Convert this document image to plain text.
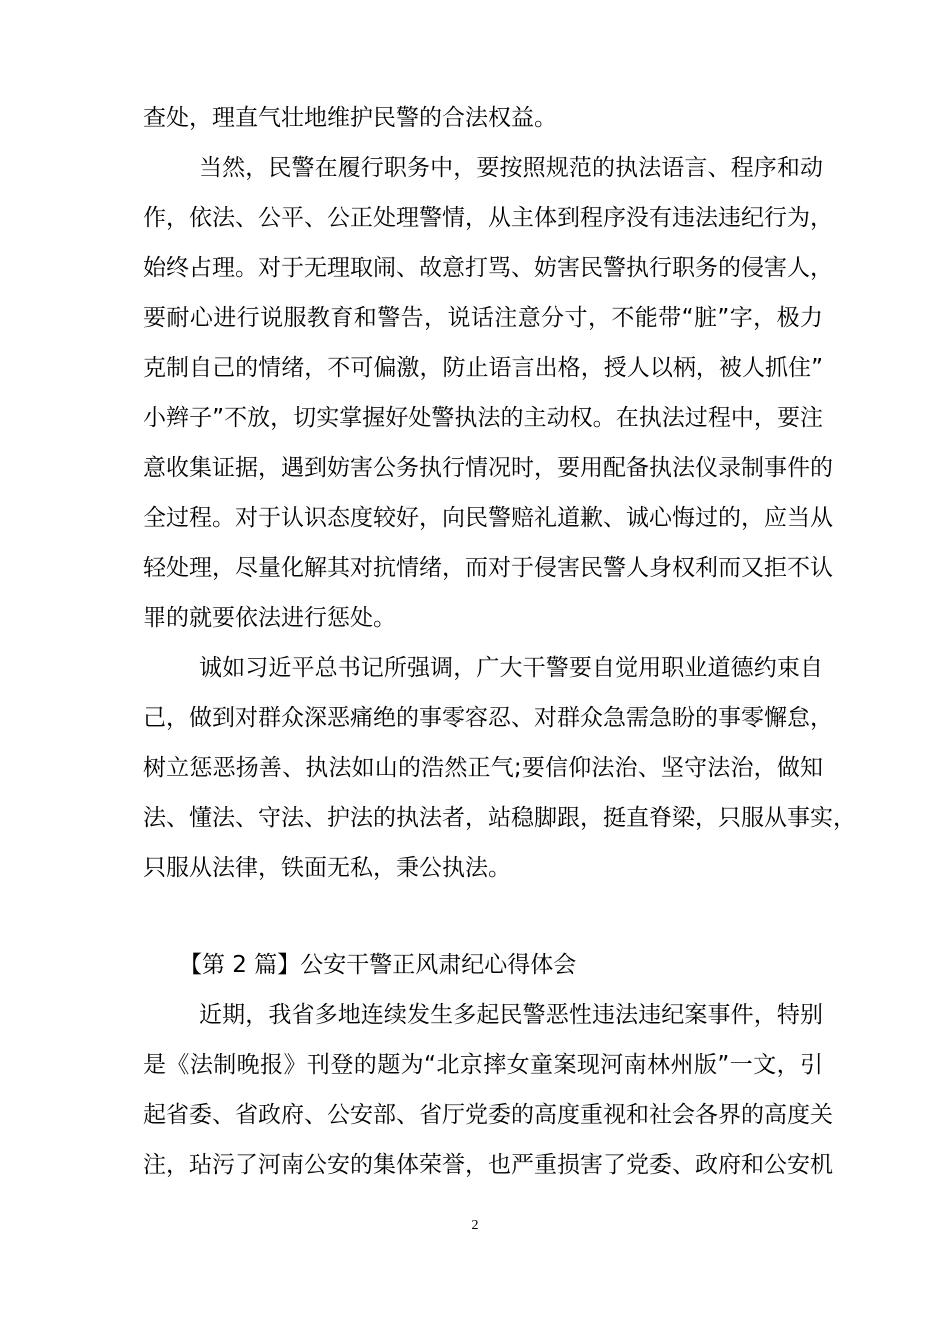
查处，理直气壮地维护民警的合法权益。
当然，民警在履行职务中，要按照规范的执法语言、程序和动
作，依法、公平、公正处理警情，从主体到程序没有违法违纪行为，
始终占理。对于无理取闹、故意打骂、妨害民警执行职务的侵害人，
要耐心进行说服教育和警告，说话注意分寸，不能带“脏”字，极力
克制自己的情绪，不可偏激，防止语言出格，授人以柄，被人抓住”
小辫子”不放，切实掌握好处警执法的主动权。在执法过程中，要注
意收集证据，遇到妨害公务执行情况时，要用配备执法仪录制事件的
全过程。对于认识态度较好，向民警赔礼道歉、诚心悔过的，应当从
轻处理，尽量化解其对抗情绪，而对于侵害民警人身权利而又拒不认
罪的就要依法进行惩处。
诚如习近平总书记所强调，广大干警要自觉用职业道德约束自
己，做到对群众深恶痛绝的事零容忍、对群众急需急盼的事零懈怠，
树立惩恶扬善、执法如山的浩然正气;要信仰法治、坚守法治，做知
法、懂法、守法、护法的执法者，站稳脚跟，挺直脊梁，只服从事实，
只服从法律，铁面无私，秉公执法。
【第 2 篇】公安干警正风肃纪心得体会
近期，我省多地连续发生多起民警恶性违法违纪案事件，特别
是《法制晚报》刊登的题为“北京摔女童案现河南林州版”一文，引
起省委、省政府、公安部、省厅党委的高度重视和社会各界的高度关
注，玷污了河南公安的集体荣誉，也严重损害了党委、政府和公安机
2
